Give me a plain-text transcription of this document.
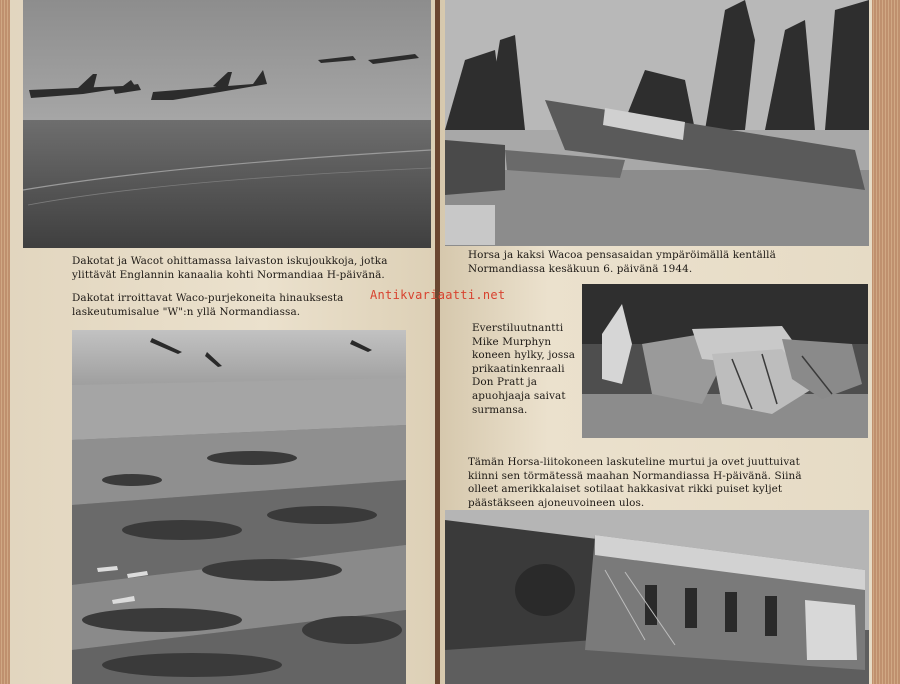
Dakotat ja Wacot ohittamassa laivaston iskujoukkoja, jotka ylittävät Englannin kanaalia kohti Normandiaa H-päivänä.

Dakotat irroittavat Waco-purjekoneita hinauksesta laskeutumisalue "W":n yllä Normandiassa.

Horsa ja kaksi Wacoa pensasaidan ympäröimällä kentällä Normandiassa kesäkuun 6. päivänä 1944.

Everstiluutnantti Mike Murphyn koneen hylky, jossa prikaatinkenraali Don Pratt ja apuohjaaja saivat surmansa.

Tämän Horsa-liitokoneen laskuteline murtui ja ovet juuttuivat kiinni sen törmätessä maahan Normandiassa H-päivänä. Siinä olleet amerikkalaiset sotilaat hakkasivat rikki puiset kyljet päästäkseen ajoneuvoineen ulos.

Antikvariaatti.net
